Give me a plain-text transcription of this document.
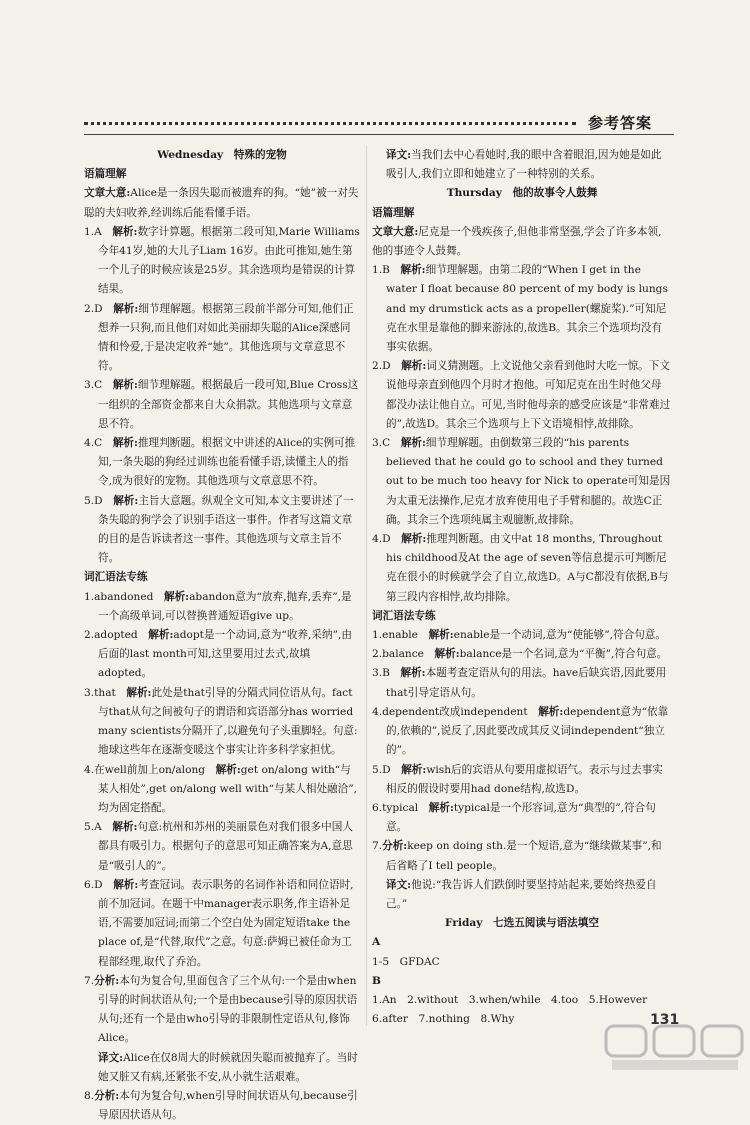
参考答案

Wednesday　特殊的宠物

语篇理解

文章大意:Alice是一条因失聪而被遗弃的狗。“她”被一对失聪的夫妇收养,经训练后能看懂手语。

1.A　 解析:数字计算题。根据第二段可知,Marie Williams今年41岁,她的大儿子Liam 16岁。由此可推知,她生第一个儿子的时候应该是25岁。其余选项均是错误的计算结果。

2.D　 解析:细节理解题。根据第三段前半部分可知,他们正想养一只狗,而且他们对如此美丽却失聪的Alice深感同情和怜爱,于是决定收养“她”。其他选项与文章意思不符。

3.C　 解析:细节理解题。根据最后一段可知,Blue Cross这一组织的全部资金都来自大众捐款。其他选项与文章意思不符。

4.C　 解析:推理判断题。根据文中讲述的Alice的实例可推知,一条失聪的狗经过训练也能看懂手语,读懂主人的指令,成为很好的宠物。其他选项与文章意思不符。

5.D　 解析:主旨大意题。纵观全文可知,本文主要讲述了一条失聪的狗学会了识别手语这一事件。作者写这篇文章的目的是告诉读者这一事件。其他选项与文章主旨不符。

词汇语法专练

1.abandoned　 解析:abandon意为“放弃,抛弃,丢弃”,是一个高级单词,可以替换普通短语give up。

2.adopted　 解析:adopt是一个动词,意为“收养,采纳”,由后面的last month可知,这里要用过去式,故填adopted。

3.that　 解析:此处是that引导的分隔式同位语从句。fact与that从句之间被句子的谓语和宾语部分has worried many scientists分隔开了,以避免句子头重脚轻。句意:地球这些年在逐渐变暖这个事实让许多科学家担忧。

4.在well前加上on/along　 解析:get on/along with“与某人相处”,get on/along well with“与某人相处融洽”,均为固定搭配。

5.A　 解析:句意:杭州和苏州的美丽景色对我们很多中国人都具有吸引力。根据句子的意思可知正确答案为A,意思是“吸引人的”。

6.D　 解析:考查冠词。表示职务的名词作补语和同位语时,前不加冠词。在题干中manager表示职务,作主语补足语,不需要加冠词;而第二个空白处为固定短语take the place of,是“代替,取代”之意。句意:萨姆已被任命为工程部经理,取代了乔治。

7.分析:本句为复合句,里面包含了三个从句:一个是由when引导的时间状语从句;一个是由because引导的原因状语从句;还有一个是由who引导的非限制性定语从句,修饰Alice。

译文:Alice在仅8周大的时候就因失聪而被抛弃了。当时她又脏又有病,还紧张不安,从小就生活艰难。

8.分析:本句为复合句,when引导时间状语从句,because引导原因状语从句。

译文:当我们去中心看她时,我的眼中含着眼泪,因为她是如此吸引人,我们立即和她建立了一种特别的关系。

Thursday　他的故事令人鼓舞

语篇理解

文章大意:尼克是一个残疾孩子,但他非常坚强,学会了许多本领,他的事迹令人鼓舞。

1.B　 解析:细节理解题。由第二段的“When I get in the water I float because 80 percent of my body is lungs and my drumstick acts as a propeller(螺旋桨).”可知尼克在水里是靠他的脚来游泳的,故选B。其余三个选项均没有事实依据。

2.D　 解析:词义猜测题。上文说他父亲看到他时大吃一惊。下文说他母亲直到他四个月时才抱他。可知尼克在出生时他父母都没办法让他自立。可见,当时他母亲的感受应该是“非常难过的”,故选D。其余三个选项与上下文语境相悖,故排除。

3.C　 解析:细节理解题。由倒数第三段的“his parents believed that he could go to school and they turned out to be much too heavy for Nick to operate可知是因为太重无法操作,尼克才放弃使用电子手臂和腿的。故选C正确。其余三个选项纯属主观臆断,故排除。

4.D　 解析:推理判断题。由文中at 18 months, Throughout his childhood及At the age of seven等信息提示可判断尼克在很小的时候就学会了自立,故选D。A与C都没有依据,B与第三段内容相悖,故均排除。

词汇语法专练

1.enable　 解析:enable是一个动词,意为“使能够”,符合句意。

2.balance　 解析:balance是一个名词,意为“平衡”,符合句意。

3.B　 解析:本题考查定语从句的用法。have后缺宾语,因此要用that引导定语从句。

4.dependent改成independent　 解析:dependent意为“依靠的,依赖的”,说反了,因此要改成其反义词independent“独立的”。

5.D　 解析:wish后的宾语从句要用虚拟语气。表示与过去事实相反的假设时要用had done结构,故选D。

6.typical　 解析:typical是一个形容词,意为“典型的”,符合句意。

7.分析:keep on doing sth.是一个短语,意为“继续做某事”,和后省略了I tell people。

译文:他说:“我告诉人们跌倒时要坚持站起来,要始终热爱自己。”

Friday　七选五阅读与语法填空

A

1-5　GFDAC

B

1.An　2.without　3.when/while　4.too　5.However

6.after　7.nothing　8.Why	131
